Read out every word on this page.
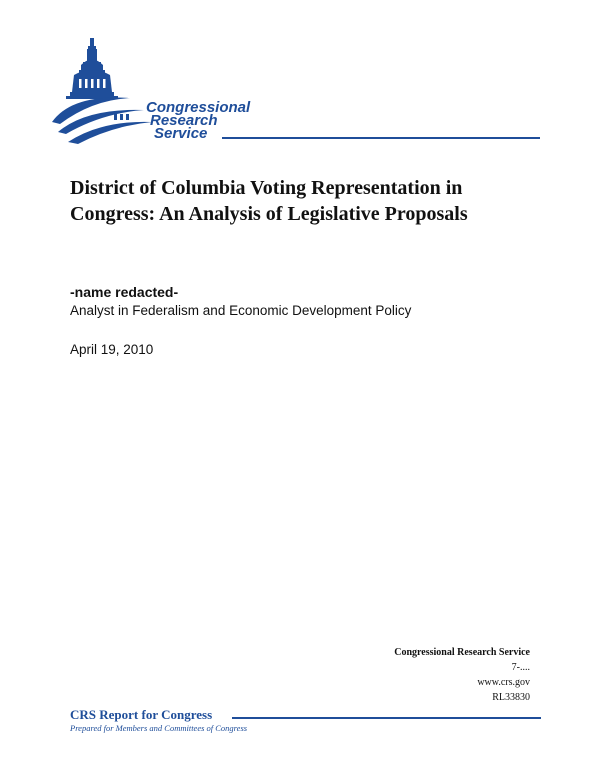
Congressional
Research
Service
District of Columbia Voting Representation in Congress: An Analysis of Legislative Proposals
-name redacted-
Analyst in Federalism and Economic Development Policy
April 19, 2010
Congressional Research Service
7-....
www.crs.gov
RL33830
CRS Report for Congress
Prepared for Members and Committees of Congress
